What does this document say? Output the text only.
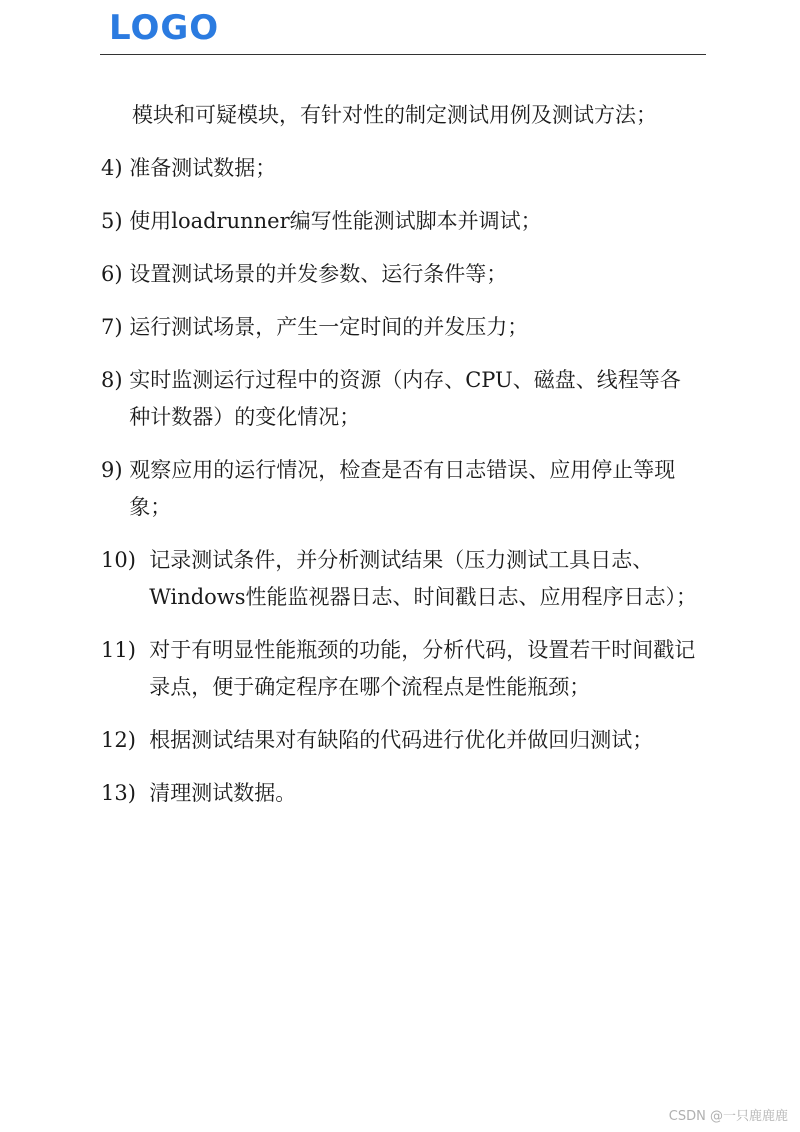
LOGO
模块和可疑模块，有针对性的制定测试用例及测试方法；
4) 准备测试数据；
5) 使用loadrunner编写性能测试脚本并调试；
6) 设置测试场景的并发参数、运行条件等；
7) 运行测试场景，产生一定时间的并发压力；
8) 实时监测运行过程中的资源（内存、CPU、磁盘、线程等各种计数器）的变化情况；
9) 观察应用的运行情况，检查是否有日志错误、应用停止等现象；
10) 记录测试条件，并分析测试结果（压力测试工具日志、Windows性能监视器日志、时间戳日志、应用程序日志）；
11) 对于有明显性能瓶颈的功能，分析代码，设置若干时间戳记录点，便于确定程序在哪个流程点是性能瓶颈；
12) 根据测试结果对有缺陷的代码进行优化并做回归测试；
13) 清理测试数据。
CSDN @一只鹿鹿鹿
